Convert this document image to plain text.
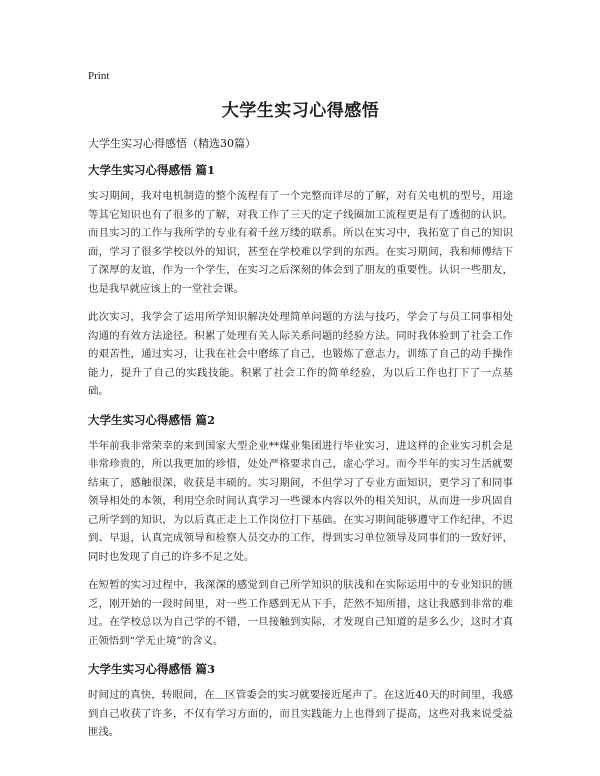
Print
大学生实习心得感悟

大学生实习心得感悟（精选30篇）

大学生实习心得感悟 篇1

实习期间，我对电机制造的整个流程有了一个完整而详尽的了解，对有关电机的型号，用途等其它知识也有了很多的了解，对我工作了三天的定子线圈加工流程更是有了透彻的认识。而且实习的工作与我所学的专业有着千丝万缕的联系。所以在实习中，我拓宽了自己的知识面，学习了很多学校以外的知识，甚至在学校难以学到的东西。在实习期间，我和师傅结下了深厚的友谊，作为一个学生，在实习之后深刻的体会到了朋友的重要性。认识一些朋友，也是我早就应该上的一堂社会课。

此次实习，我学会了运用所学知识解决处理简单问题的方法与技巧，学会了与员工同事相处沟通的有效方法途径。积累了处理有关人际关系问题的经验方法。同时我体验到了社会工作的艰苦性，通过实习，让我在社会中磨练了自己，也锻炼了意志力，训练了自己的动手操作能力，提升了自己的实践技能。积累了社会工作的简单经验，为以后工作也打下了一点基础。

大学生实习心得感悟 篇2

半年前我非常荣幸的来到国家大型企业**煤业集团进行毕业实习，进这样的企业实习机会是非常珍贵的，所以我更加的珍惜，处处严格要求自己，虚心学习。而今半年的实习生活就要结束了，感触很深，收获是丰硕的。实习期间，不但学习了专业方面知识，更学习了和同事领导相处的本领，利用空余时间认真学习一些课本内容以外的相关知识，从而进一步巩固自己所学到的知识，为以后真正走上工作岗位打下基础。在实习期间能够遵守工作纪律，不迟到、早退，认真完成领导和检察人员交办的工作，得到实习单位领导及同事们的一致好评，同时也发现了自己的许多不足之处。

在短暂的实习过程中，我深深的感觉到自己所学知识的肤浅和在实际运用中的专业知识的匮乏，刚开始的一段时间里，对一些工作感到无从下手，茫然不知所措，这让我感到非常的难过。在学校总以为自己学的不错，一旦接触到实际，才发现自己知道的是多么少，这时才真正领悟到“学无止境”的含义。

大学生实习心得感悟 篇3

时间过的真快，转眼间，在＿区管委会的实习就要接近尾声了。在这近40天的时间里，我感到自己收获了许多，不仅有学习方面的，而且实践能力上也得到了提高，这些对我来说受益匪浅。
